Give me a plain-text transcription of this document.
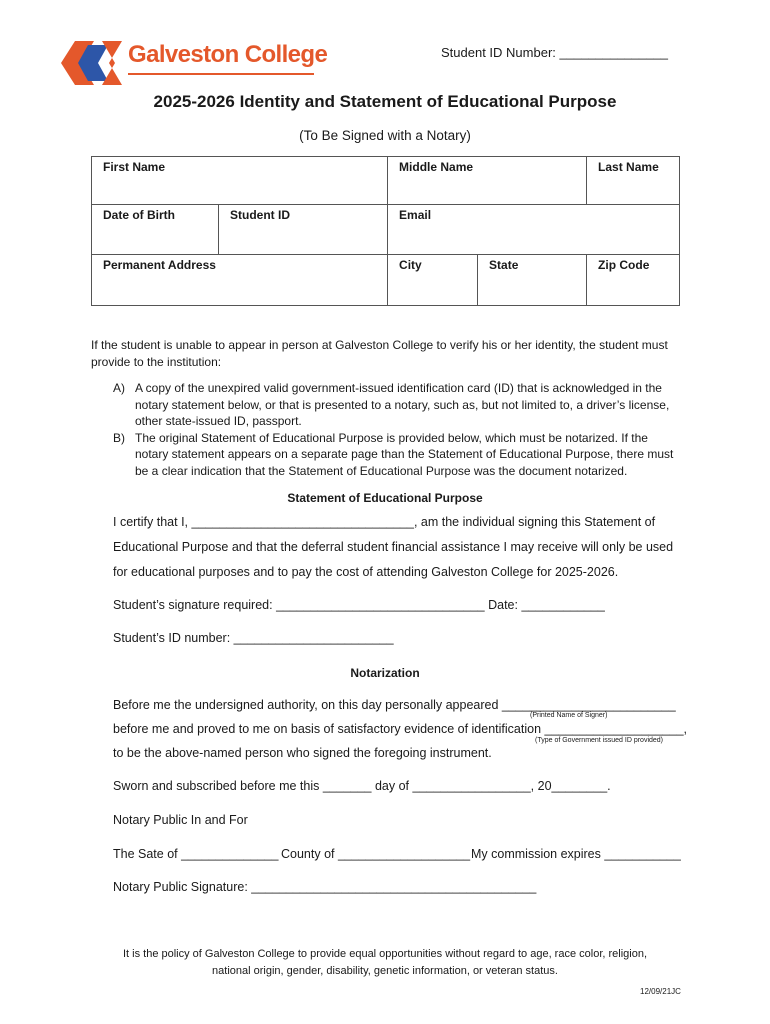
Galveston College	Student ID Number: _______________
2025-2026 Identity and Statement of Educational Purpose
(To Be Signed with a Notary)
First Name		Middle Name		Last Name
Date of Birth	Student ID	Email		
Permanent Address		City	State	Zip Code
If the student is unable to appear in person at Galveston College to verify his or her identity, the student must provide to the institution:
A) A copy of the unexpired valid government-issued identification card (ID) that is acknowledged in the notary statement below, or that is presented to a notary, such as, but not limited to, a driver’s license, other state-issued ID, passport.
B) The original Statement of Educational Purpose is provided below, which must be notarized. If the notary statement appears on a separate page than the Statement of Educational Purpose, there must be a clear indication that the Statement of Educational Purpose was the document notarized.
Statement of Educational Purpose
I certify that I, ________________________________, am the individual signing this Statement of
Educational Purpose and that the deferral student financial assistance I may receive will only be used
for educational purposes and to pay the cost of attending Galveston College for 2025-2026.
Student’s signature required: ______________________________ Date: ____________
Student’s ID number: _______________________
Notarization
Before me the undersigned authority, on this day personally appeared _________________________
(Printed Name of Signer)
before me and proved to me on basis of satisfactory evidence of identification ____________________,
(Type of Government issued ID provided)
to be the above-named person who signed the foregoing instrument.
Sworn and subscribed before me this _______ day of _________________, 20________.
Notary Public In and For
The Sate of ______________ County of ___________________ My commission expires ___________
Notary Public Signature: _________________________________________
It is the policy of Galveston College to provide equal opportunities without regard to age, race color, religion,
national origin, gender, disability, genetic information, or veteran status.
12/09/21JC
